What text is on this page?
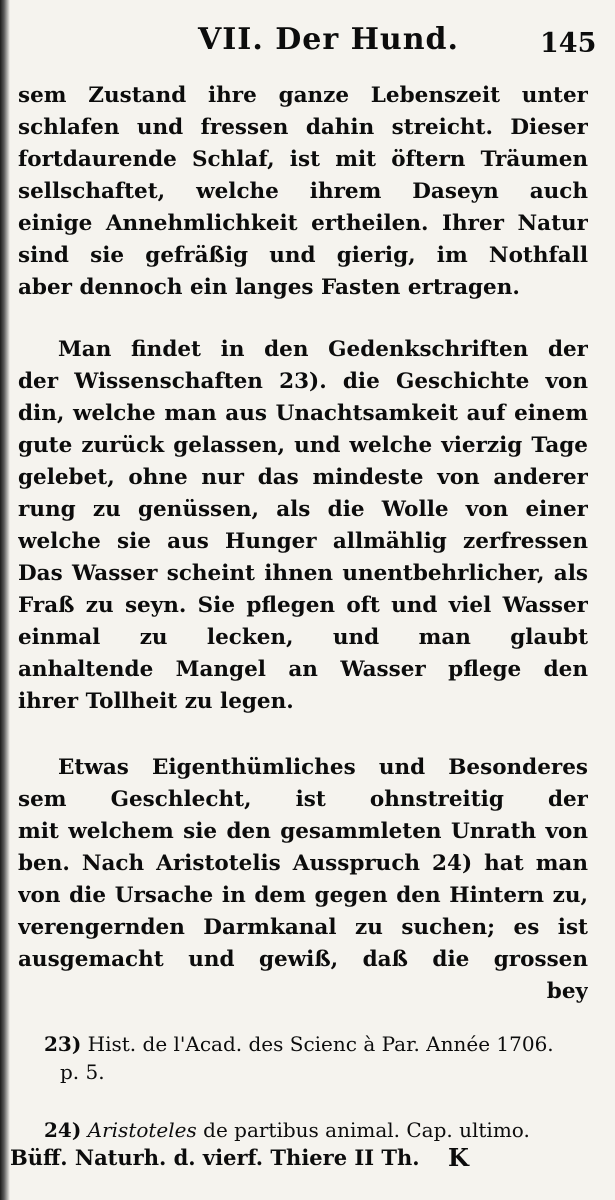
VII. Der Hund.	145
sem Zustand ihre ganze Lebenszeit unter
schlafen und fressen dahin streicht. Dieser
fortdaurende Schlaf, ist mit öftern Träumen
sellschaftet, welche ihrem Daseyn auch
einige Annehmlichkeit ertheilen. Ihrer Natur
sind sie gefräßig und gierig, im Nothfall
aber dennoch ein langes Fasten ertragen.
Man findet in den Gedenkschriften der
der Wissenschaften 23). die Geschichte von
din, welche man aus Unachtsamkeit auf einem
gute zurück gelassen, und welche vierzig Tage
gelebet, ohne nur das mindeste von anderer
rung zu genüssen, als die Wolle von einer
welche sie aus Hunger allmählig zerfressen
Das Wasser scheint ihnen unentbehrlicher, als
Fraß zu seyn. Sie pflegen oft und viel Wasser
einmal zu lecken, und man glaubt
anhaltende Mangel an Wasser pflege den
ihrer Tollheit zu legen.
Etwas Eigenthümliches und Besonderes
sem Geschlecht, ist ohnstreitig der
mit welchem sie den gesammleten Unrath von
ben. Nach Aristotelis Ausspruch 24) hat man
von die Ursache in dem gegen den Hintern zu,
verengernden Darmkanal zu suchen; es ist
ausgemacht und gewiß, daß die grossen
bey
23) Hist. de l'Acad. des Scienc à Par. Année 1706.
p. 5.
24) Aristoteles de partibus animal. Cap. ultimo.
Büff. Naturh. d. vierf. Thiere II Th. K
